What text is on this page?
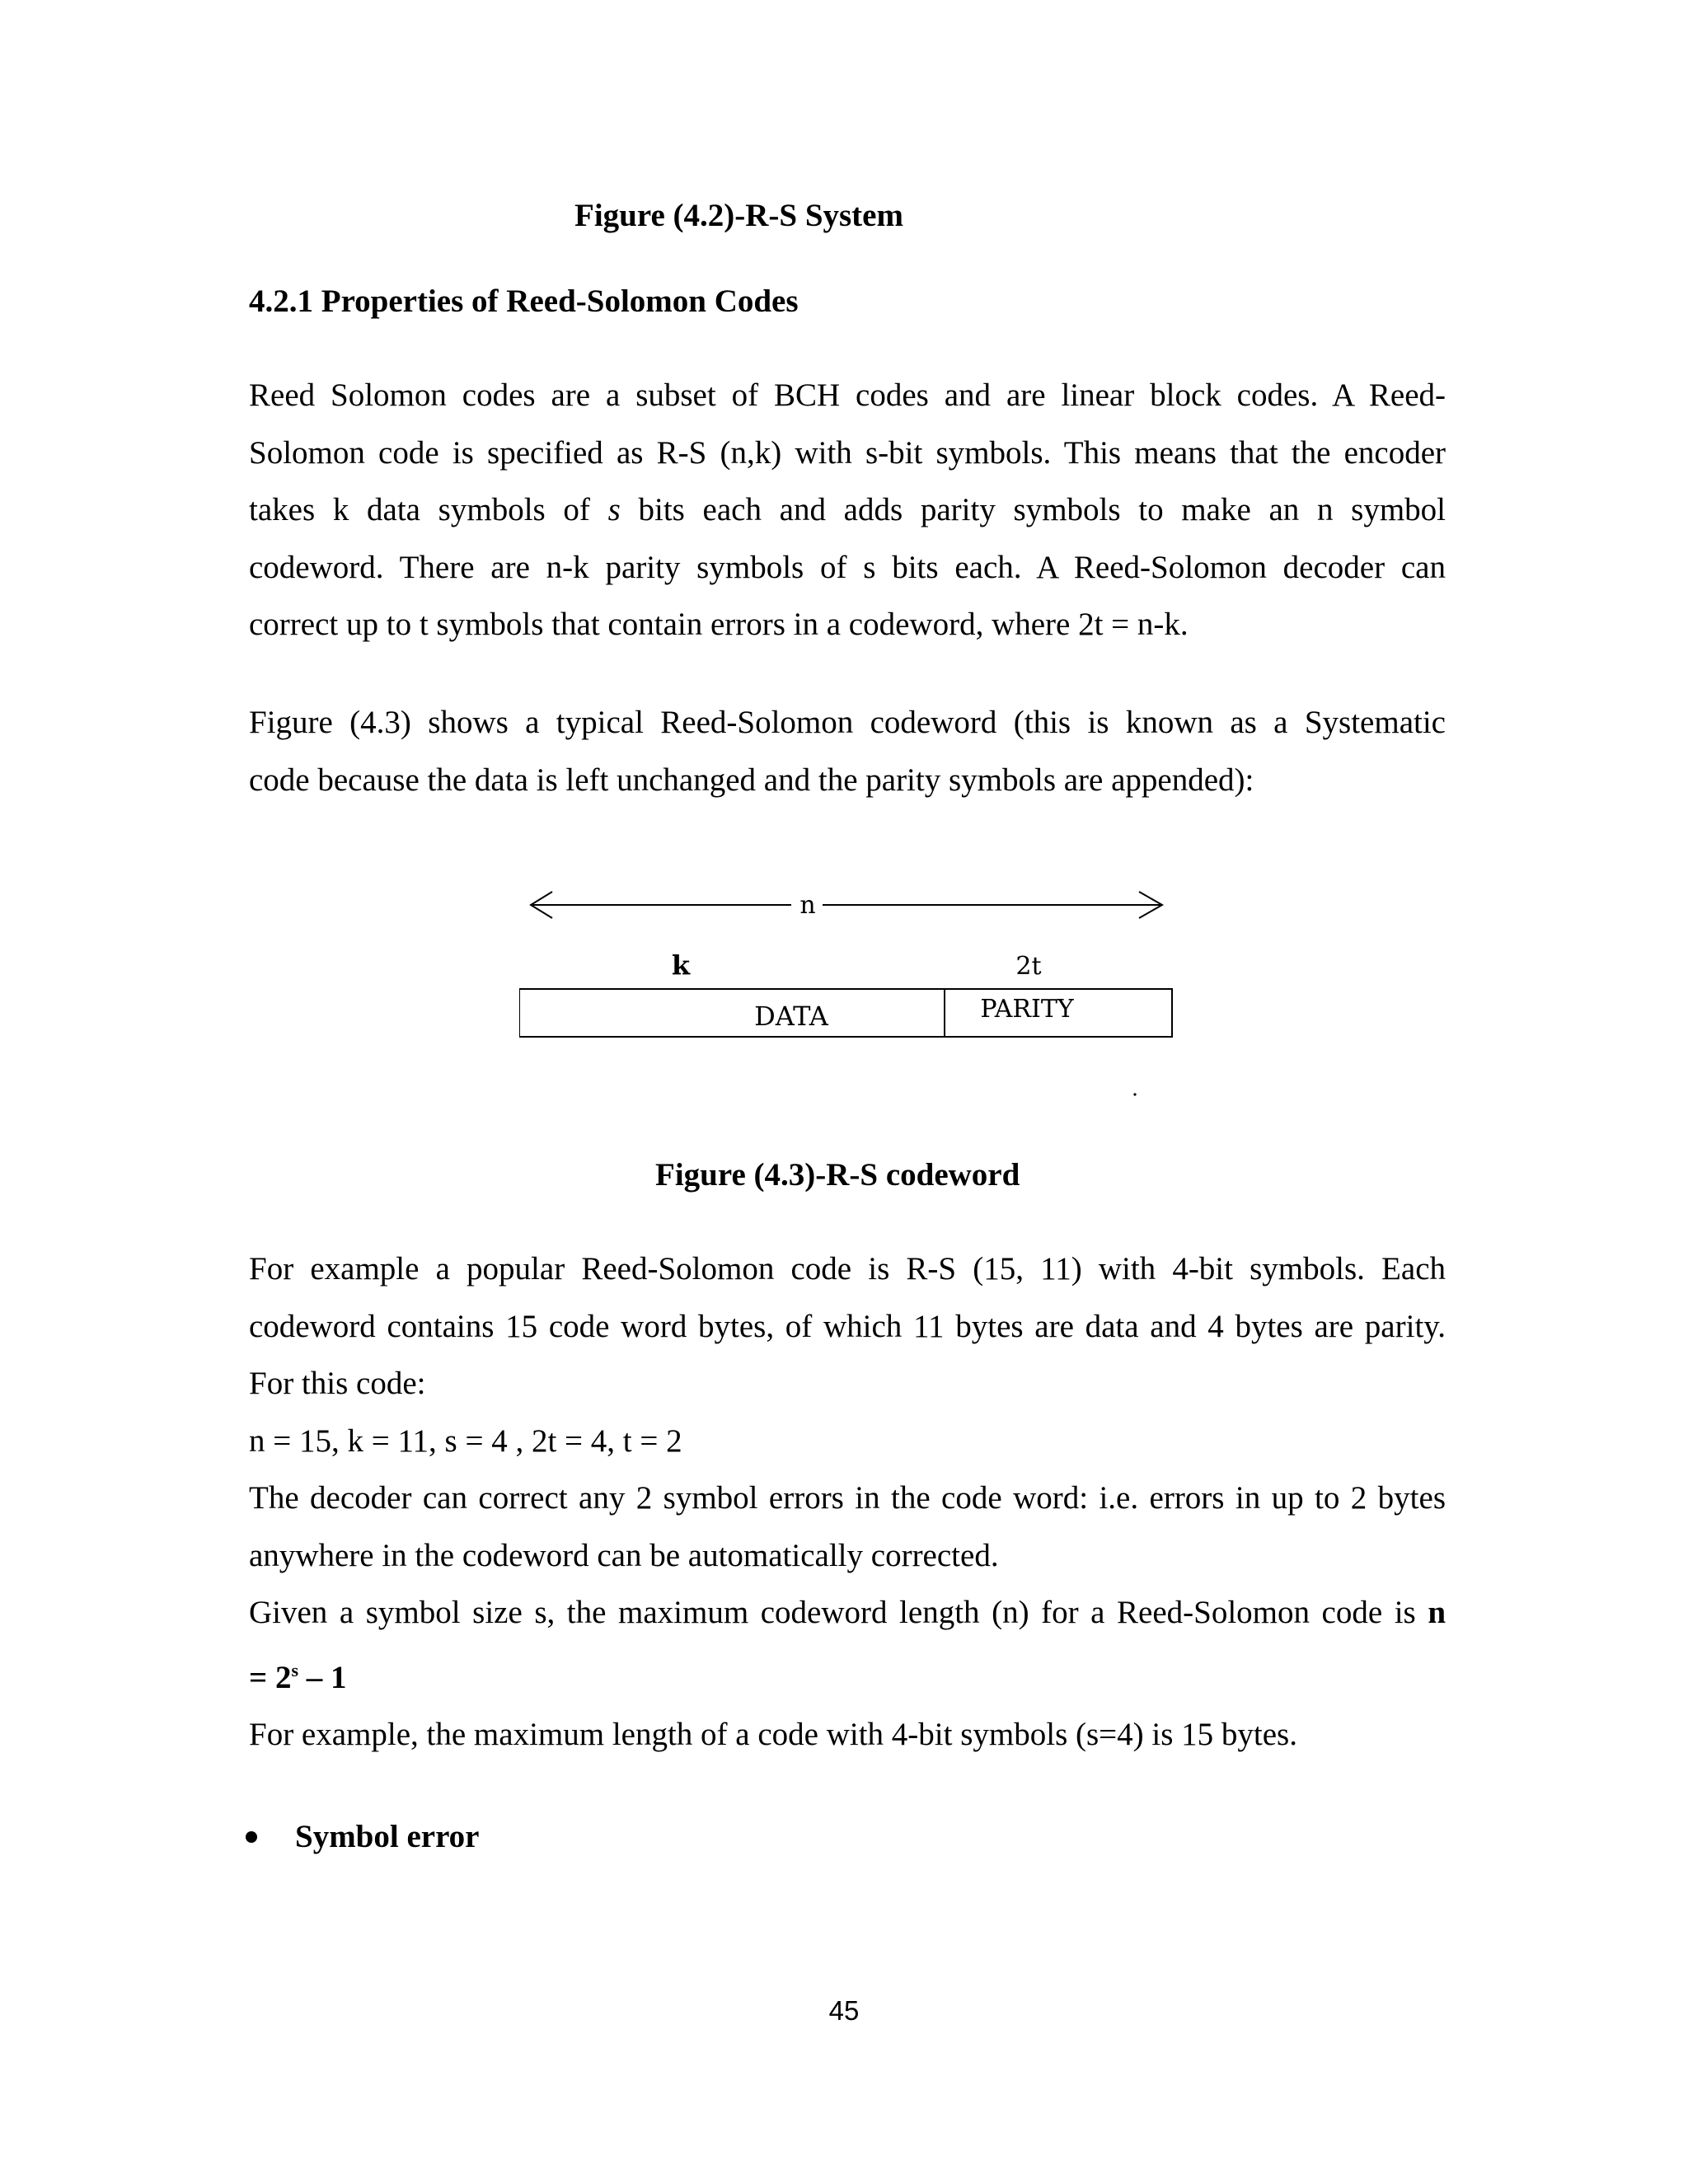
Figure (4.2)-R-S System

4.2.1 Properties of Reed-Solomon Codes

Reed Solomon codes are a subset of BCH codes and are linear block codes. A Reed-
Solomon code is specified as R-S (n,k) with s-bit symbols. This means that the encoder
takes k data symbols of s bits each and adds parity symbols to make an n symbol
codeword. There are n-k parity symbols of s bits each. A Reed-Solomon decoder can
correct up to t symbols that contain errors in a codeword, where 2t = n-k.
Figure (4.3) shows a typical Reed-Solomon codeword (this is known as a Systematic
code because the data is left unchanged and the parity symbols are appended):
n
k	2t
DATA	PARITY

Figure (4.3)-R-S codeword

For example a popular Reed-Solomon code is R-S (15, 11) with 4-bit symbols. Each
codeword contains 15 code word bytes, of which 11 bytes are data and 4 bytes are parity.
For this code:
n = 15, k = 11, s = 4 , 2t = 4, t = 2
The decoder can correct any 2 symbol errors in the code word: i.e. errors in up to 2 bytes
anywhere in the codeword can be automatically corrected.
Given a symbol size s, the maximum codeword length (n) for a Reed-Solomon code is n
= $2^s - 1$
For example, the maximum length of a code with 4-bit symbols (s=4) is 15 bytes.
Symbol error
45
